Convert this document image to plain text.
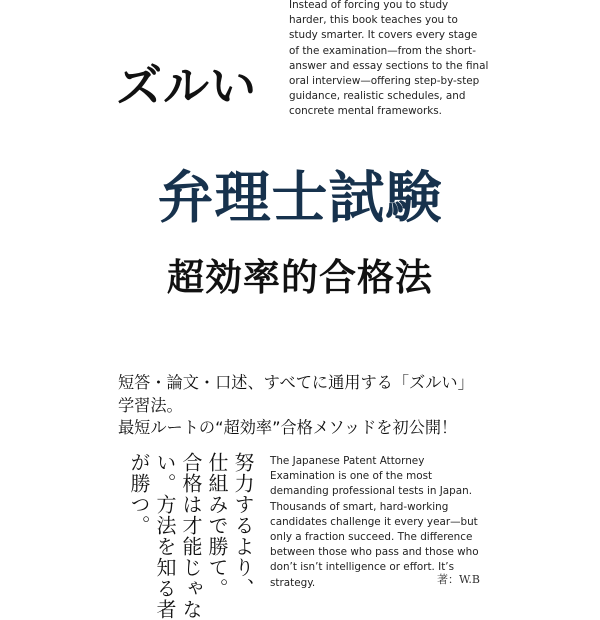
Instead of forcing you to study harder, this book teaches you to study smarter. It covers every stage of the examination—from the short-answer and essay sections to the final oral interview—offering step-by-step guidance, realistic schedules, and concrete mental frameworks.

ズルい
弁理士試験
超効率的合格法
短答・論文・口述、すべてに通用する「ズルい」
学習法。
最短ルートの“超効率”合格メソッドを初公開！
努力するより、
仕組みで勝て。
合格は才能じゃな
い。方法を知る者
が勝つ。	The Japanese Patent Attorney Examination is one of the most demanding professional tests in Japan. Thousands of smart, hard-working candidates challenge it every year—but only a fraction succeed. The difference between those who pass and those who don’t isn’t intelligence or effort. It’s strategy.	著：W.B
